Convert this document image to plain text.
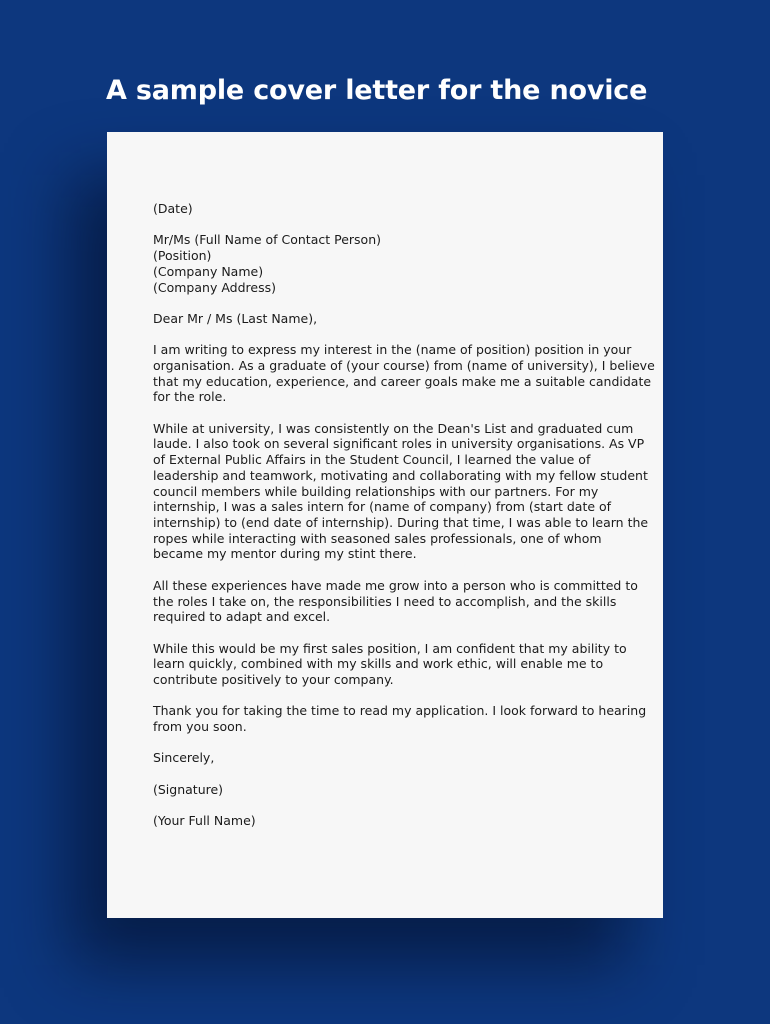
A sample cover letter for the novice
(Date)
Mr/Ms (Full Name of Contact Person)
(Position)
(Company Name)
(Company Address)
Dear Mr / Ms (Last Name),
I am writing to express my interest in the (name of position) position in your
organisation. As a graduate of (your course) from (name of university), I believe
that my education, experience, and career goals make me a suitable candidate
for the role.
While at university, I was consistently on the Dean's List and graduated cum
laude. I also took on several significant roles in university organisations. As VP
of External Public Affairs in the Student Council, I learned the value of
leadership and teamwork, motivating and collaborating with my fellow student
council members while building relationships with our partners. For my
internship, I was a sales intern for (name of company) from (start date of
internship) to (end date of internship). During that time, I was able to learn the
ropes while interacting with seasoned sales professionals, one of whom
became my mentor during my stint there.
All these experiences have made me grow into a person who is committed to
the roles I take on, the responsibilities I need to accomplish, and the skills
required to adapt and excel.
While this would be my first sales position, I am confident that my ability to
learn quickly, combined with my skills and work ethic, will enable me to
contribute positively to your company.
Thank you for taking the time to read my application. I look forward to hearing
from you soon.
Sincerely,
(Signature)
(Your Full Name)
